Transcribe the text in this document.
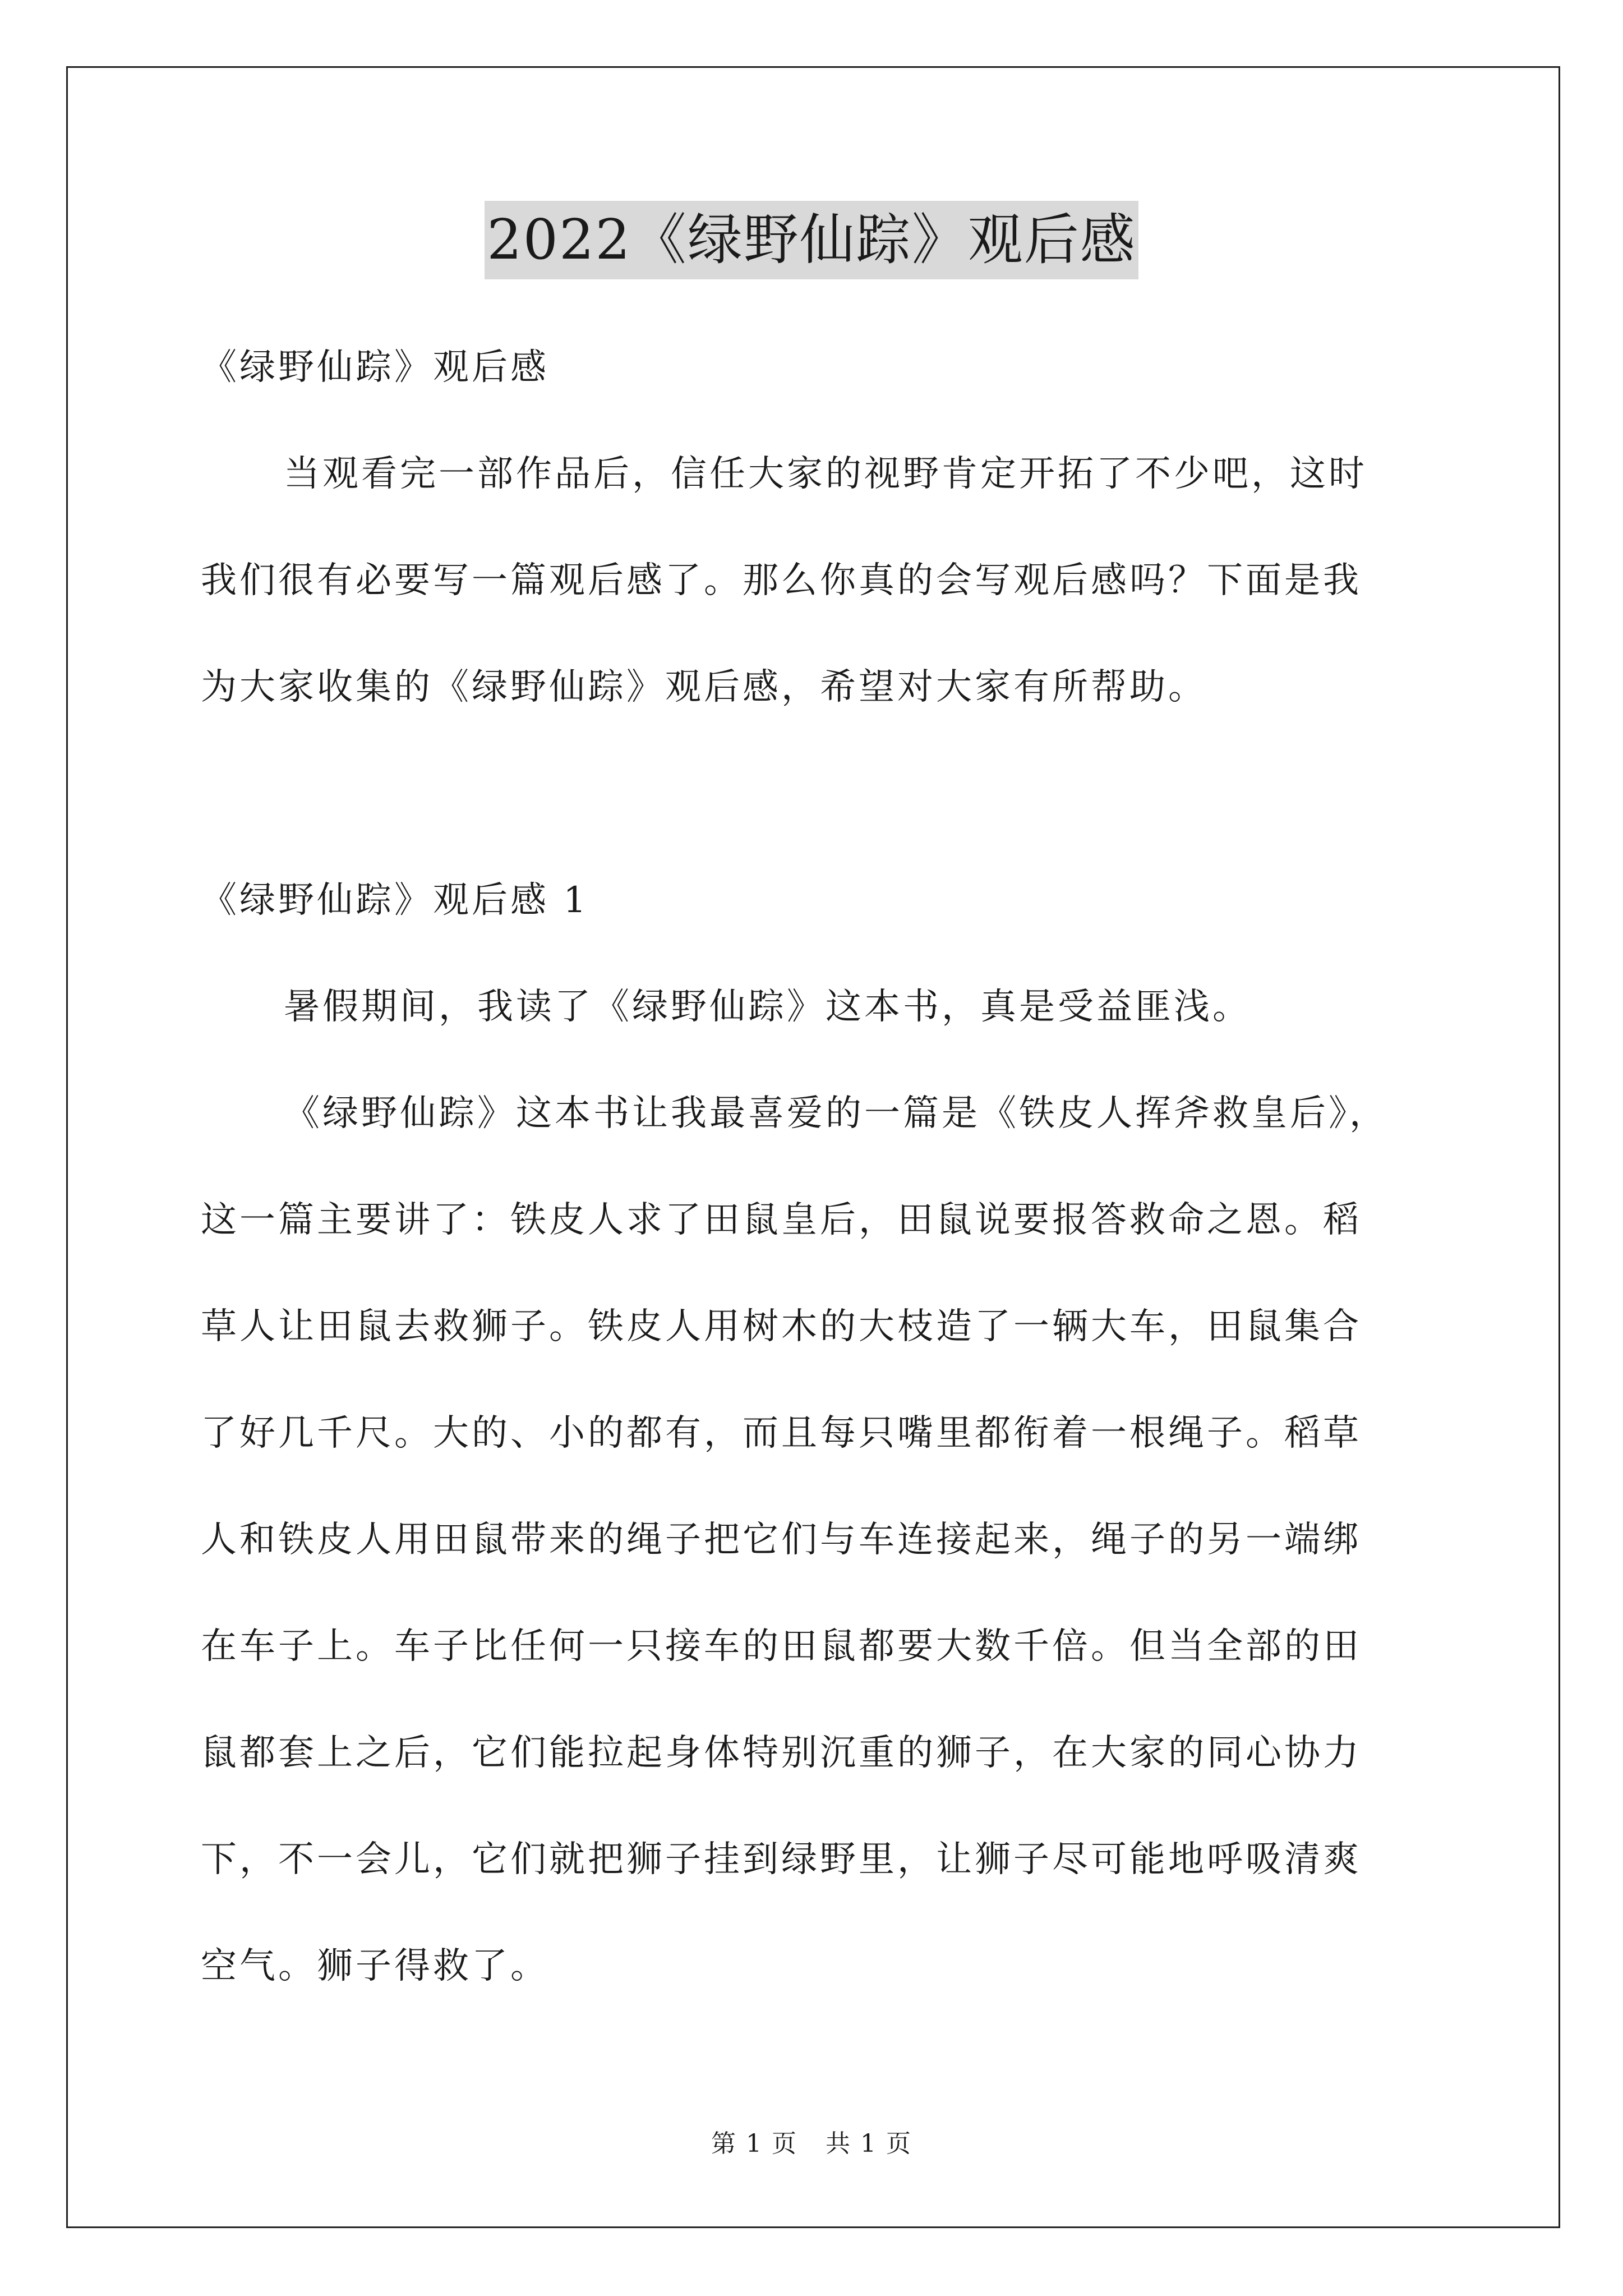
2022《绿野仙踪》观后感
《绿野仙踪》观后感
当观看完一部作品后，信任大家的视野肯定开拓了不少吧，这时
我们很有必要写一篇观后感了。那么你真的会写观后感吗？下面是我
为大家收集的《绿野仙踪》观后感，希望对大家有所帮助。
《绿野仙踪》观后感 1
暑假期间，我读了《绿野仙踪》这本书，真是受益匪浅。
《绿野仙踪》这本书让我最喜爱的一篇是《铁皮人挥斧救皇后》，
这一篇主要讲了：铁皮人求了田鼠皇后，田鼠说要报答救命之恩。稻
草人让田鼠去救狮子。铁皮人用树木的大枝造了一辆大车，田鼠集合
了好几千尺。大的、小的都有，而且每只嘴里都衔着一根绳子。稻草
人和铁皮人用田鼠带来的绳子把它们与车连接起来，绳子的另一端绑
在车子上。车子比任何一只接车的田鼠都要大数千倍。但当全部的田
鼠都套上之后，它们能拉起身体特别沉重的狮子，在大家的同心协力
下，不一会儿，它们就把狮子挂到绿野里，让狮子尽可能地呼吸清爽
空气。狮子得救了。
第 1 页 共 1 页
